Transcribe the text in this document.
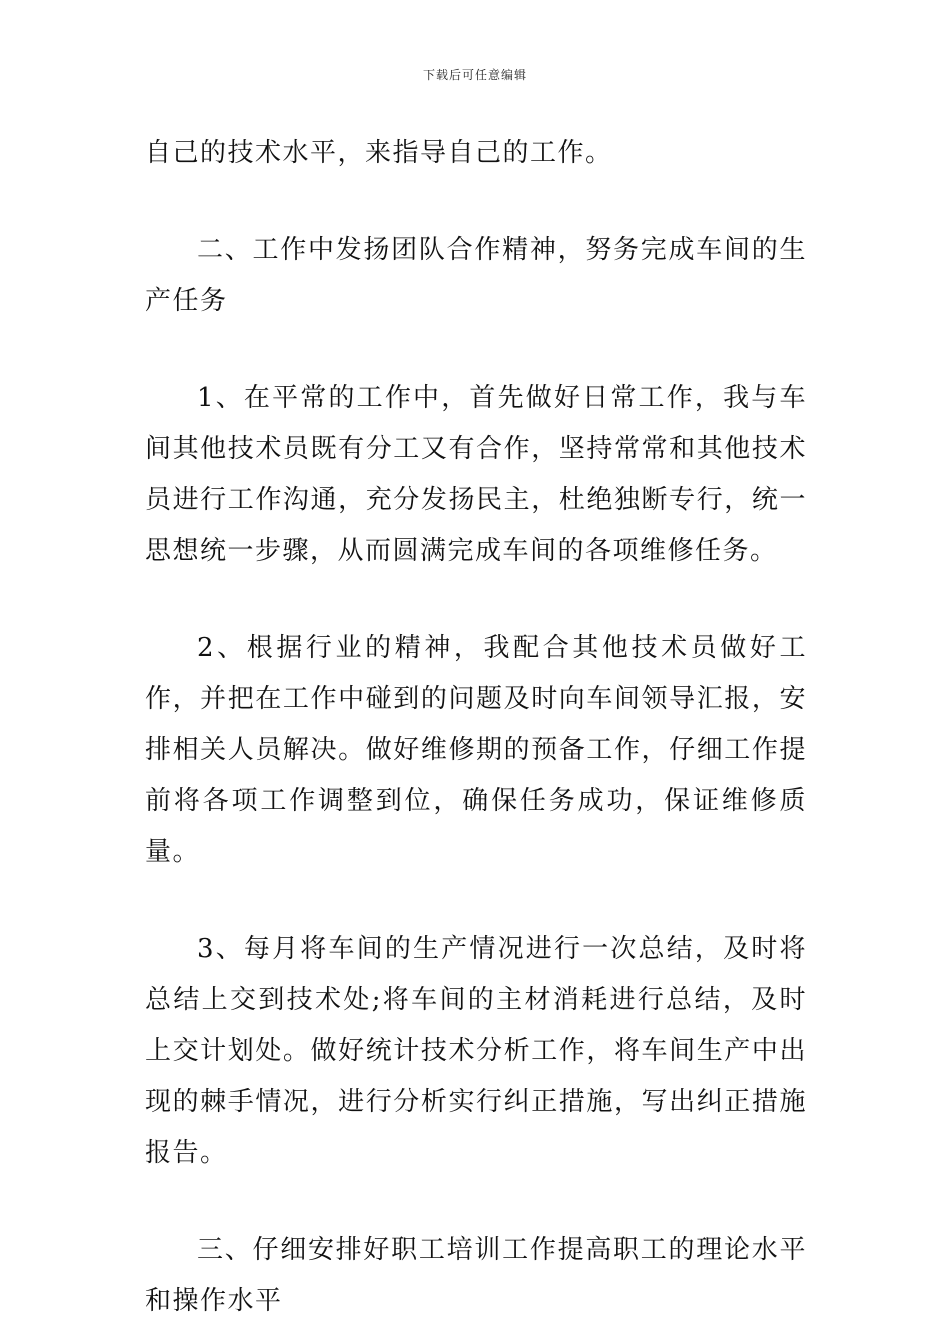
下载后可任意编辑

自己的技术水平，来指导自己的工作。

二、工作中发扬团队合作精神，努务完成车间的生产任务

1、在平常的工作中，首先做好日常工作，我与车间其他技术员既有分工又有合作，坚持常常和其他技术员进行工作沟通，充分发扬民主，杜绝独断专行，统一思想统一步骤，从而圆满完成车间的各项维修任务。

2、根据行业的精神，我配合其他技术员做好工作，并把在工作中碰到的问题及时向车间领导汇报，安排相关人员解决。做好维修期的预备工作，仔细工作提前将各项工作调整到位，确保任务成功，保证维修质量。

3、每月将车间的生产情况进行一次总结，及时将总结上交到技术处;将车间的主材消耗进行总结，及时上交计划处。做好统计技术分析工作，将车间生产中出现的棘手情况，进行分析实行纠正措施，写出纠正措施报告。

三、仔细安排好职工培训工作提高职工的理论水平和操作水平
